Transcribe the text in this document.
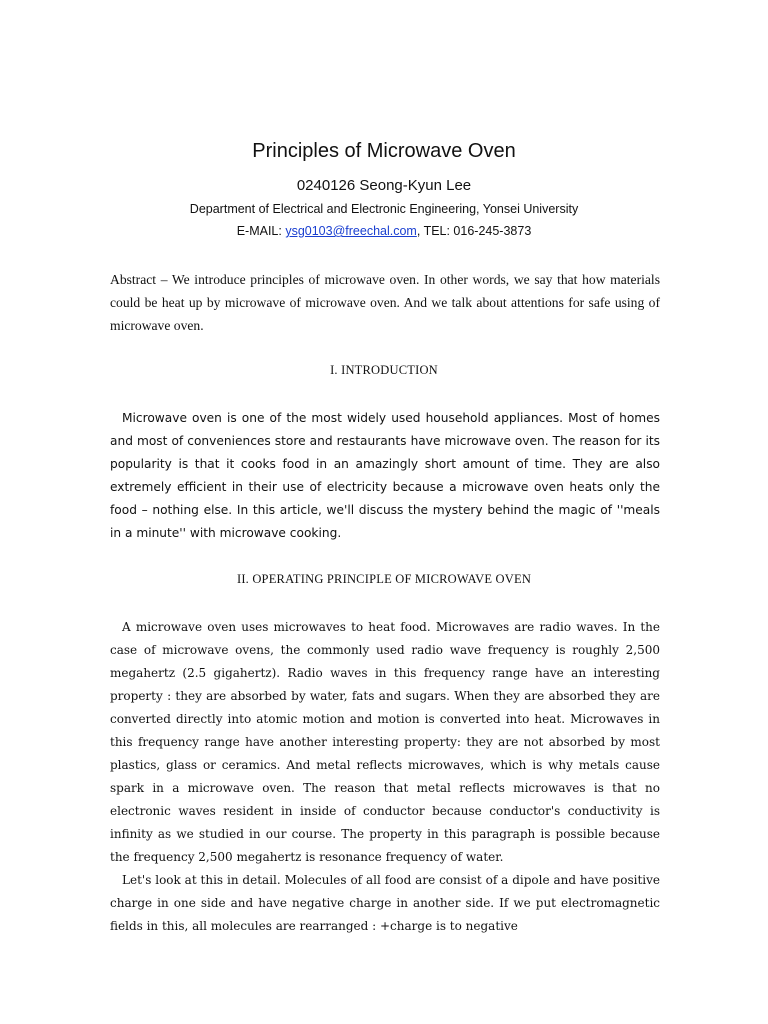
Principles of Microwave Oven
0240126 Seong-Kyun Lee
Department of Electrical and Electronic Engineering, Yonsei University
E-MAIL: ysg0103@freechal.com, TEL: 016-245-3873
Abstract – We introduce principles of microwave oven. In other words, we say that how materials could be heat up by microwave of microwave oven. And we talk about attentions for safe using of microwave oven.
I. INTRODUCTION

Microwave oven is one of the most widely used household appliances. Most of homes and most of conveniences store and restaurants have microwave oven. The reason for its popularity is that it cooks food in an amazingly short amount of time. They are also extremely efficient in their use of electricity because a microwave oven heats only the food – nothing else. In this article, we'll discuss the mystery behind the magic of ''meals in a minute'' with microwave cooking.

II. OPERATING PRINCIPLE OF MICROWAVE OVEN

A microwave oven uses microwaves to heat food. Microwaves are radio waves. In the case of microwave ovens, the commonly used radio wave frequency is roughly 2,500 megahertz (2.5 gigahertz). Radio waves in this frequency range have an interesting property : they are absorbed by water, fats and sugars. When they are absorbed they are converted directly into atomic motion and motion is converted into heat. Microwaves in this frequency range have another interesting property: they are not absorbed by most plastics, glass or ceramics. And metal reflects microwaves, which is why metals cause spark in a microwave oven. The reason that metal reflects microwaves is that no electronic waves resident in inside of conductor because conductor's conductivity is infinity as we studied in our course. The property in this paragraph is possible because the frequency 2,500 megahertz is resonance frequency of water.

Let's look at this in detail. Molecules of all food are consist of a dipole and have positive charge in one side and have negative charge in another side. If we put electromagnetic fields in this, all molecules are rearranged : +charge is to negative
